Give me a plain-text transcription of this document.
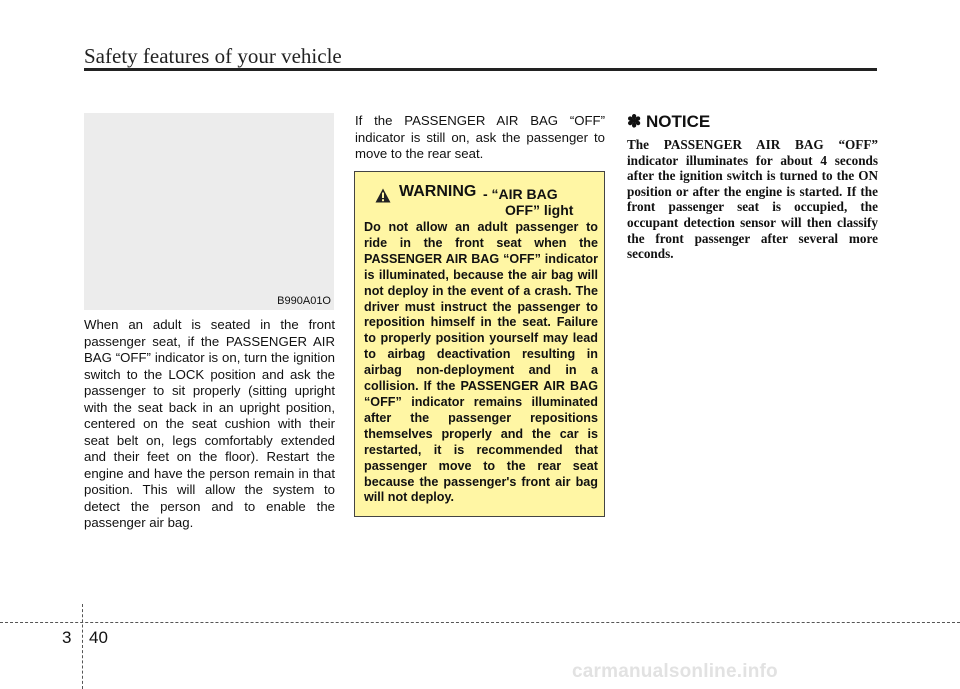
Safety features of your vehicle
B990A01O

When an adult is seated in the front passenger seat, if the PASSENGER AIR BAG “OFF” indicator is on, turn the ignition switch to the LOCK position and ask the passenger to sit properly (sitting upright with the seat back in an upright position, centered on the seat cushion with their seat belt on, legs comfortably extended and their feet on the floor). Restart the engine and have the person remain in that position. This will allow the system to detect the person and to enable the passenger air bag.

If the PASSENGER AIR BAG “OFF” indicator is still on, ask the passenger to move to the rear seat.

WARNING - “AIR BAG
OFF” light

Do not allow an adult passenger to ride in the front seat when the PASSENGER AIR BAG “OFF” indicator is illuminated, because the air bag will not deploy in the event of a crash. The driver must instruct the passenger to reposition himself in the seat. Failure to properly position yourself may lead to airbag deactivation resulting in airbag non-deployment and in a collision. If the PASSENGER AIR BAG “OFF” indicator remains illuminated after the passenger repositions themselves properly and the car is restarted, it is recommended that passenger move to the rear seat because the passenger's front air bag will not deploy.

✽ NOTICE

The PASSENGER AIR BAG “OFF” indicator illuminates for about 4 seconds after the ignition switch is turned to the ON position or after the engine is started. If the front passenger seat is occupied, the occupant detection sensor will then classify the front passenger after several more seconds.

3 40
carmanualsonline.info
